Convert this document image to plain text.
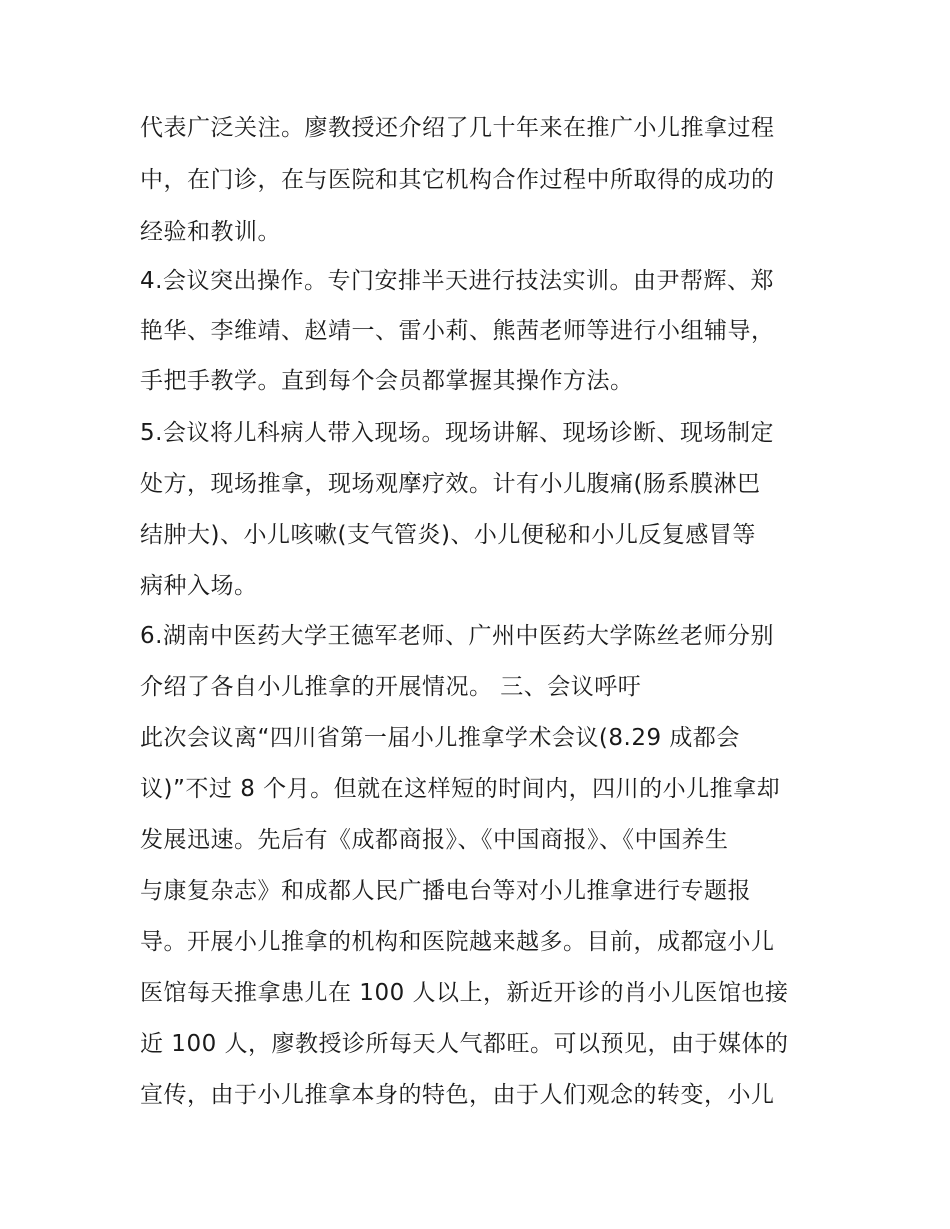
代表广泛关注。廖教授还介绍了几十年来在推广小儿推拿过程
中，在门诊，在与医院和其它机构合作过程中所取得的成功的
经验和教训。
4.会议突出操作。专门安排半天进行技法实训。由尹帮辉、郑
艳华、李维靖、赵靖一、雷小莉、熊茜老师等进行小组辅导，
手把手教学。直到每个会员都掌握其操作方法。
5.会议将儿科病人带入现场。现场讲解、现场诊断、现场制定
处方，现场推拿，现场观摩疗效。计有小儿腹痛(肠系膜淋巴
结肿大)、小儿咳嗽(支气管炎)、小儿便秘和小儿反复感冒等
病种入场。
6.湖南中医药大学王德军老师、广州中医药大学陈丝老师分别
介绍了各自小儿推拿的开展情况。 三、会议呼吁
此次会议离“四川省第一届小儿推拿学术会议(8.29 成都会
议)”不过 8 个月。但就在这样短的时间内，四川的小儿推拿却
发展迅速。先后有《成都商报》、《中国商报》、《中国养生
与康复杂志》和成都人民广播电台等对小儿推拿进行专题报
导。开展小儿推拿的机构和医院越来越多。目前，成都寇小儿
医馆每天推拿患儿在 100 人以上，新近开诊的肖小儿医馆也接
近 100 人，廖教授诊所每天人气都旺。可以预见，由于媒体的
宣传，由于小儿推拿本身的特色，由于人们观念的转变，小儿
